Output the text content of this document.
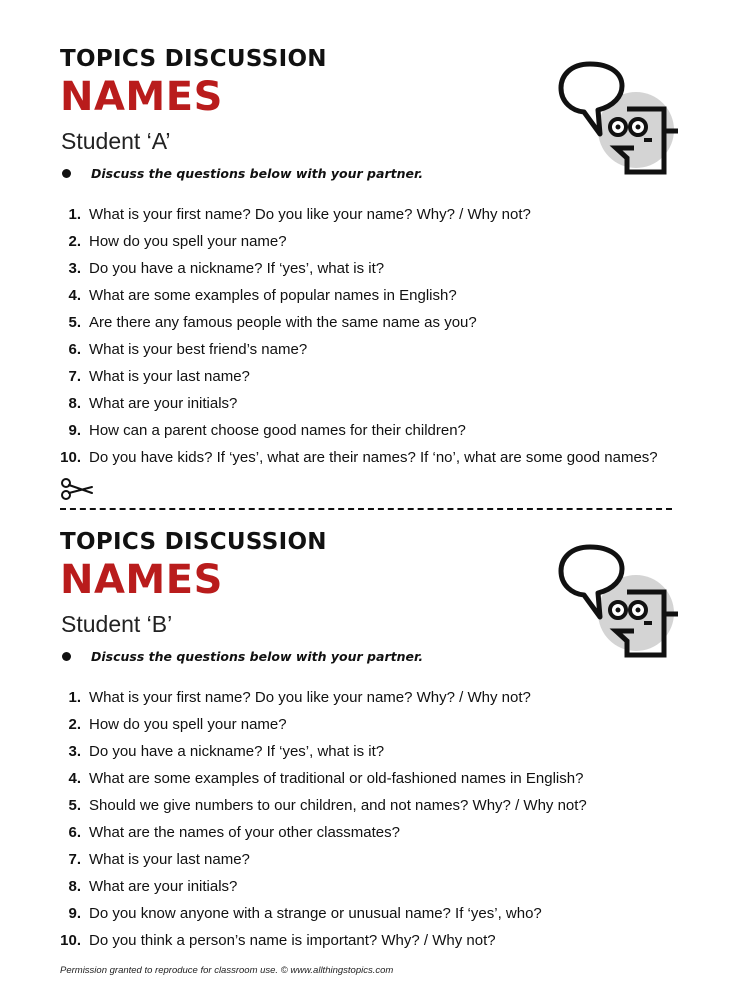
TOPICS DISCUSSION
NAMES
Student ‘A’
Discuss the questions below with your partner.
1. What is your first name? Do you like your name? Why? / Why not?
2. How do you spell your name?
3. Do you have a nickname? If ‘yes’, what is it?
4. What are some examples of popular names in English?
5. Are there any famous people with the same name as you?
6. What is your best friend’s name?
7. What is your last name?
8. What are your initials?
9. How can a parent choose good names for their children?
10. Do you have kids? If ‘yes’, what are their names? If ‘no’, what are some good names?
TOPICS DISCUSSION
NAMES
Student ‘B’
Discuss the questions below with your partner.
1. What is your first name? Do you like your name? Why? / Why not?
2. How do you spell your name?
3. Do you have a nickname? If ‘yes’, what is it?
4. What are some examples of traditional or old-fashioned names in English?
5. Should we give numbers to our children, and not names? Why? / Why not?
6. What are the names of your other classmates?
7. What is your last name?
8. What are your initials?
9. Do you know anyone with a strange or unusual name? If ‘yes’, who?
10. Do you think a person’s name is important? Why? / Why not?
Permission granted to reproduce for classroom use. © www.allthingstopics.com
